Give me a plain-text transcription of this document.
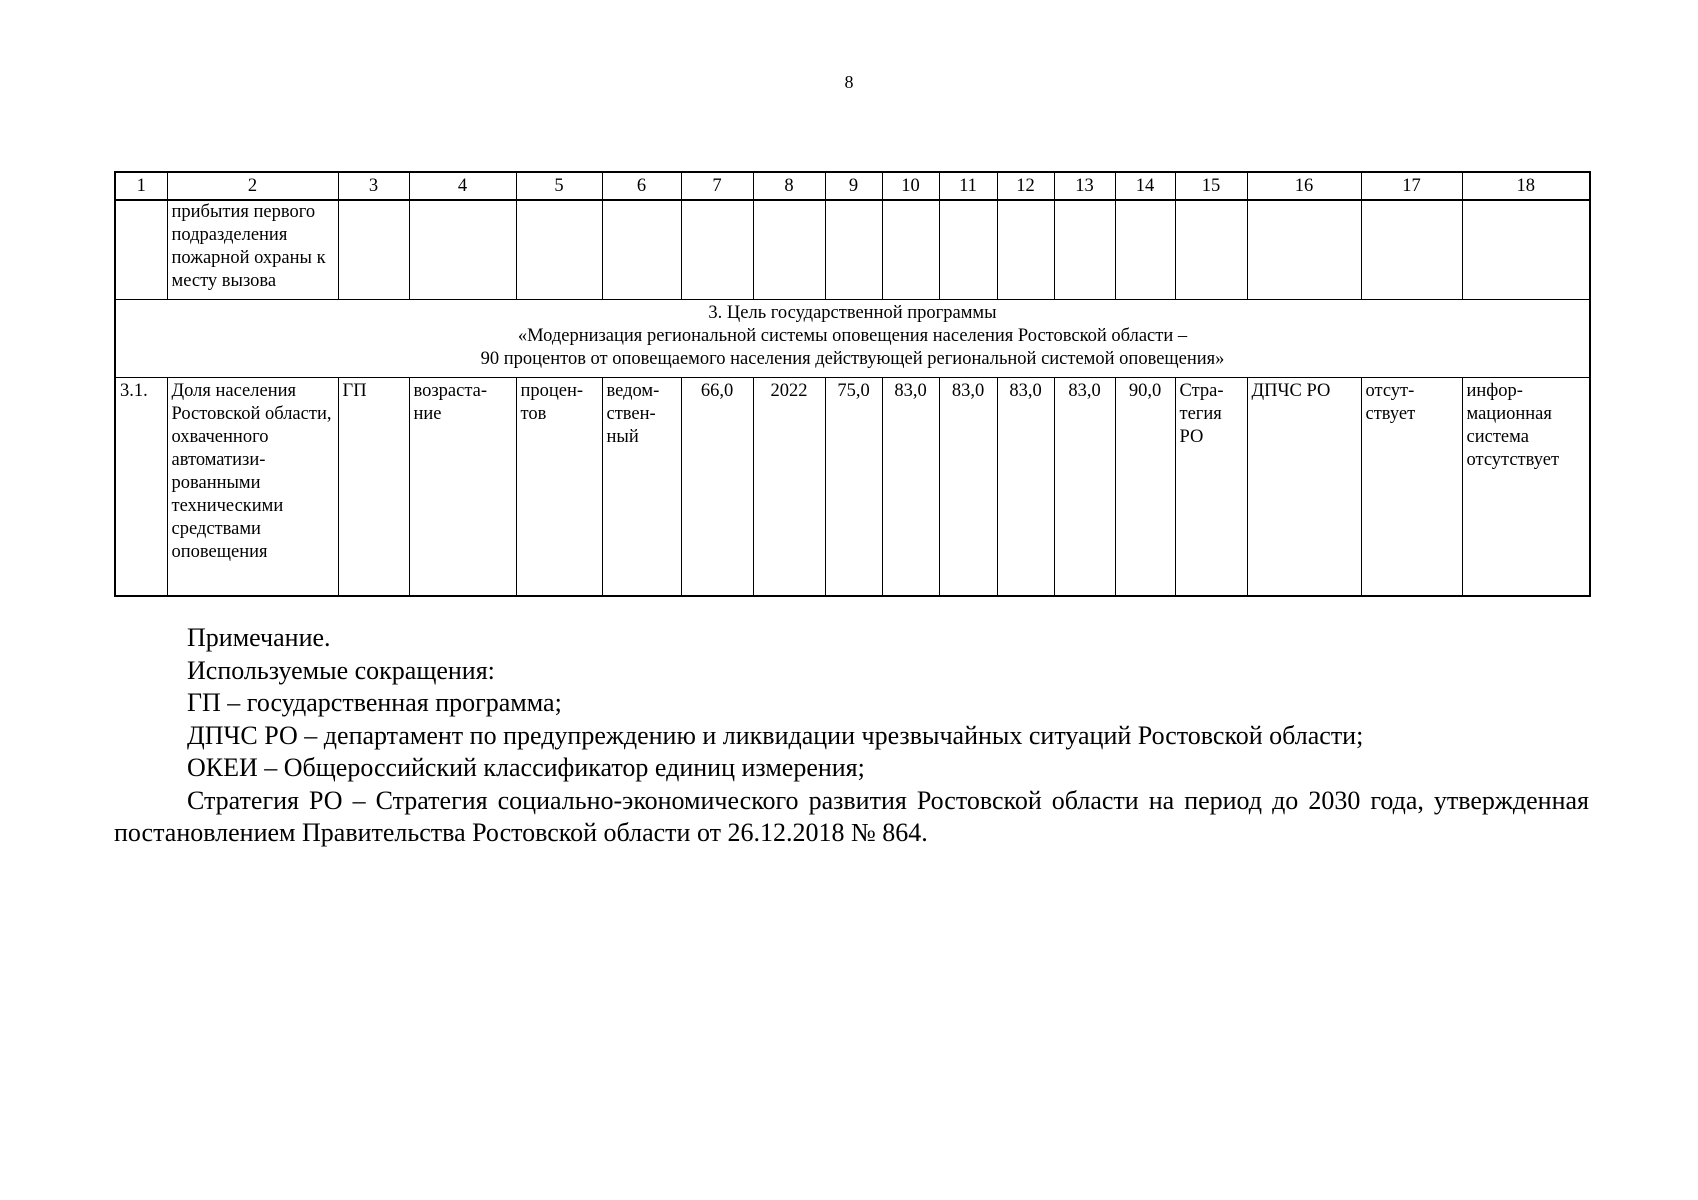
8
1	2	3	4	5	6	7	8	9	10	11	12	13	14	15	16	17	18
	прибытия первого подразделения пожарной охраны к месту вызова																

3. Цель государственной программы
«Модернизация региональной системы оповещения населения Ростовской области –
90 процентов от оповещаемого населения действующей региональной системой оповещения»																	

3.1.	Доля населения Ростовской области, охваченного автоматизи-рованными техническими средствами оповещения	ГП	возраста-ние	процен-тов	ведом-ствен-ный	66,0	2022	75,0	83,0	83,0	83,0	83,0	90,0	Стра-тегия РО	ДПЧС РО	отсут-ствует	инфор-мационная система отсутствует

Примечание.

Используемые сокращения:

ГП – государственная программа;

ДПЧС РО – департамент по предупреждению и ликвидации чрезвычайных ситуаций Ростовской области;

ОКЕИ – Общероссийский классификатор единиц измерения;

Стратегия РО – Стратегия социально-экономического развития Ростовской области на период до 2030 года, утвержденная постановлением Правительства Ростовской области от 26.12.2018 № 864.
